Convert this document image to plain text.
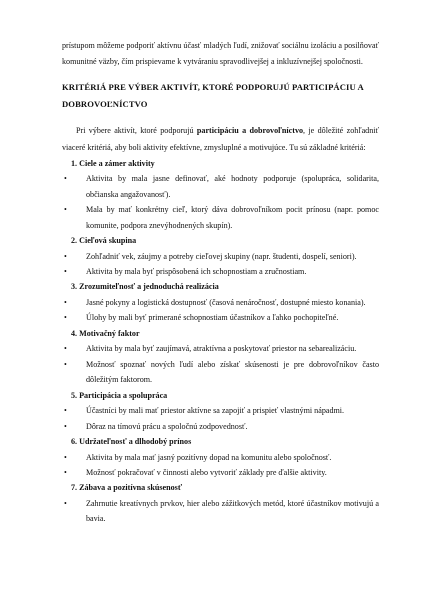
prístupom môžeme podporiť aktívnu účasť mladých ľudí, znižovať sociálnu izoláciu a posilňovať komunitné väzby, čím prispievame k vytváraniu spravodlivejšej a inkluzívnejšej spoločnosti.

KRITÉRIÁ PRE VÝBER AKTIVÍT, KTORÉ PODPORUJÚ PARTICIPÁCIU A DOBROVOĽNÍCTVO

Pri výbere aktivít, ktoré podporujú participáciu a dobrovoľníctvo, je dôležité zohľadniť viaceré kritériá, aby boli aktivity efektívne, zmysluplné a motivujúce. Tu sú základné kritériá:

1. Ciele a zámer aktivity
• Aktivita by mala jasne definovať, aké hodnoty podporuje (spolupráca, solidarita, občianska angažovanosť).
• Mala by mať konkrétny cieľ, ktorý dáva dobrovoľníkom pocit prínosu (napr. pomoc komunite, podpora znevýhodnených skupín).
2. Cieľová skupina
• Zohľadniť vek, záujmy a potreby cieľovej skupiny (napr. študenti, dospelí, seniori).
• Aktivita by mala byť prispôsobená ich schopnostiam a zručnostiam.
3. Zrozumiteľnosť a jednoduchá realizácia
• Jasné pokyny a logistická dostupnosť (časová nenáročnosť, dostupné miesto konania).
• Úlohy by mali byť primerané schopnostiam účastníkov a ľahko pochopiteľné.
4. Motivačný faktor
• Aktivita by mala byť zaujímavá, atraktívna a poskytovať priestor na sebarealizáciu.
• Možnosť spoznať nových ľudí alebo získať skúsenosti je pre dobrovoľníkov často dôležitým faktorom.
5. Participácia a spolupráca
• Účastníci by mali mať priestor aktívne sa zapojiť a prispieť vlastnými nápadmi.
• Dôraz na tímovú prácu a spoločnú zodpovednosť.
6. Udržateľnosť a dlhodobý prínos
• Aktivita by mala mať jasný pozitívny dopad na komunitu alebo spoločnosť.
• Možnosť pokračovať v činnosti alebo vytvoriť základy pre ďalšie aktivity.
7. Zábava a pozitívna skúsenosť
• Zahrnutie kreatívnych prvkov, hier alebo zážitkových metód, ktoré účastníkov motivujú a bavia.
